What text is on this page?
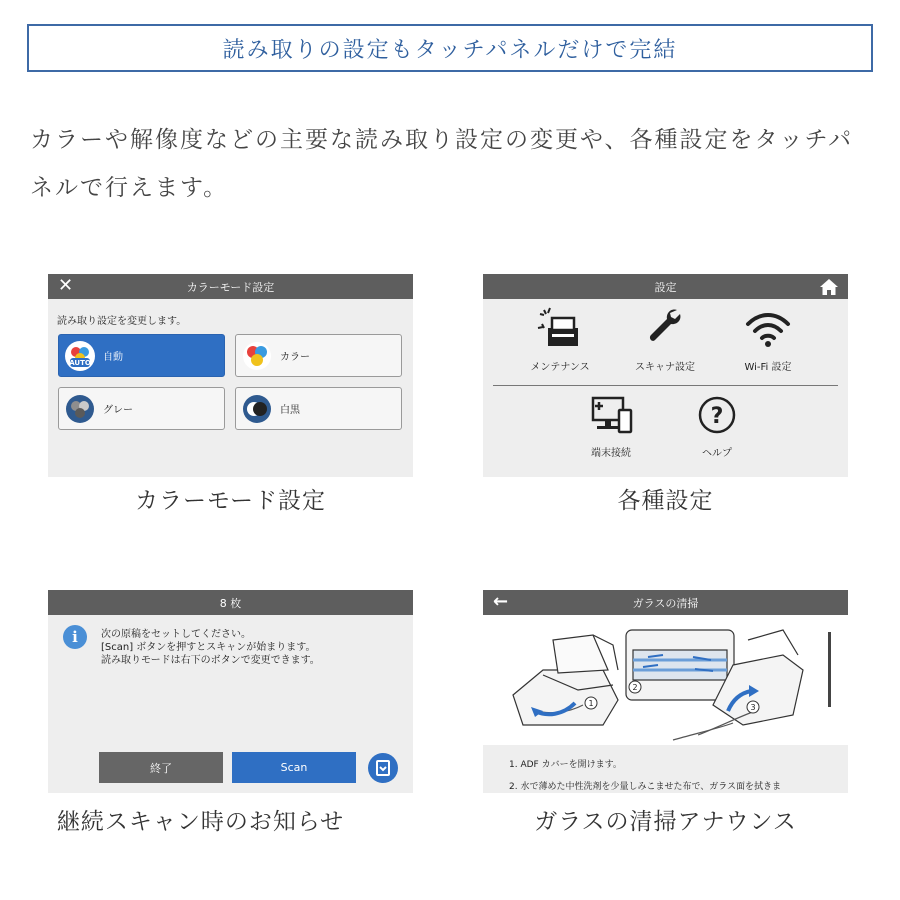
読み取りの設定もタッチパネルだけで完結

カラーや解像度などの主要な読み取り設定の変更や、各種設定をタッチパネルで行えます。

✕	カラーモード設定
読み取り設定を変更します。
AUTO 自動	カラー
グレー	白黒
カラーモード設定
設定
メンテナンス	スキャナ設定	Wi-Fi 設定
端末接続
?
ヘルプ
各種設定
8 枚
i	次の原稿をセットしてください。
[Scan] ボタンを押すとスキャンが始まります。
読み取りモードは右下のボタンで変更できます。
終了	Scan
継続スキャン時のお知らせ
←	ガラスの清掃
1
2
3
1. ADF カバーを開けます。
2. 水で薄めた中性洗剤を少量しみこませた布で、ガラス面を拭きま
ガラスの清掃アナウンス
